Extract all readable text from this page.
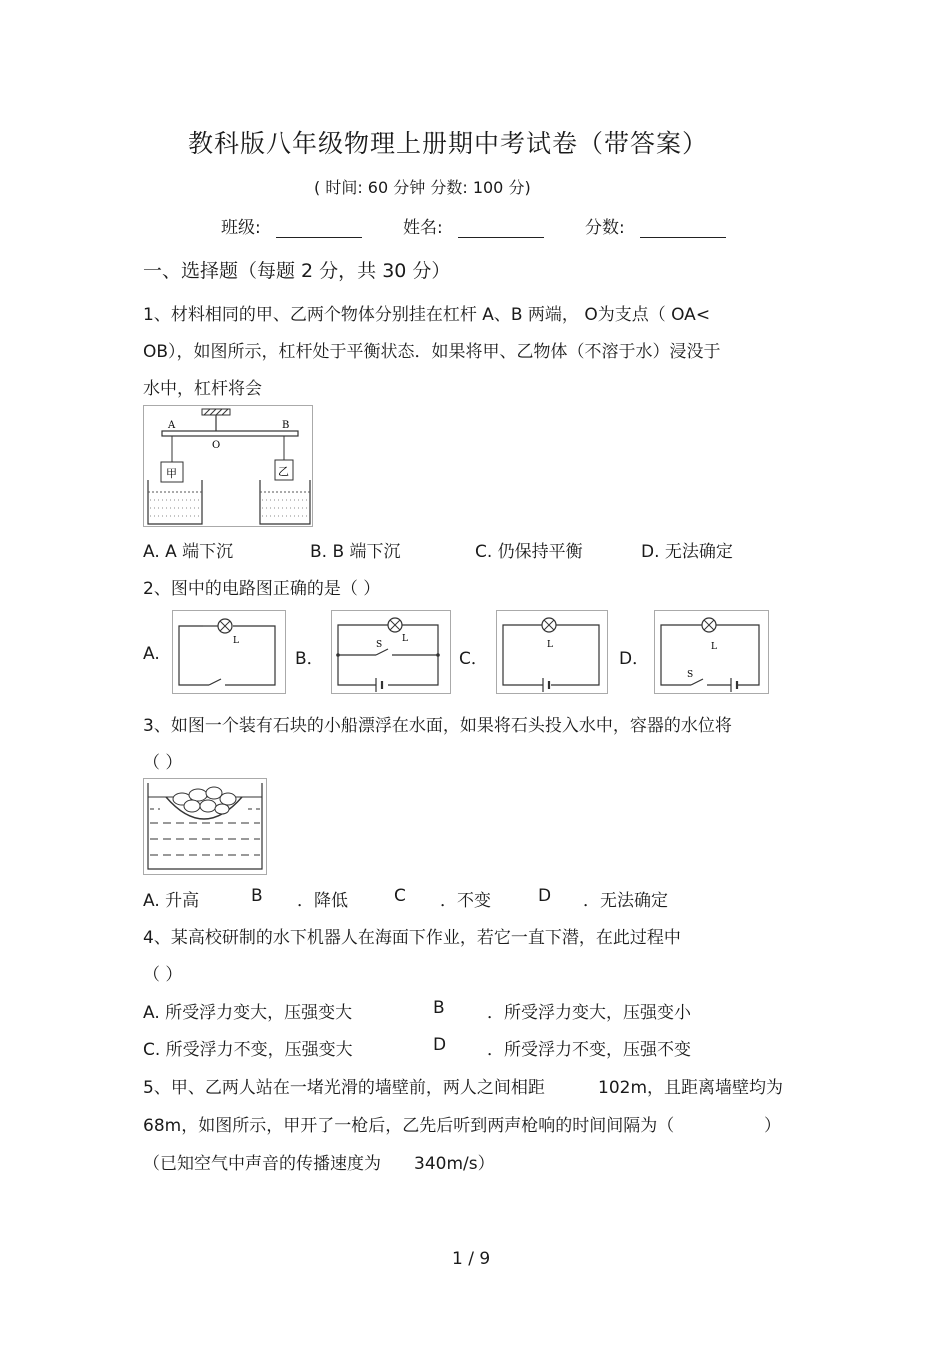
教科版八年级物理上册期中考试卷（带答案）
( 时间: 60 分钟 分数: 100 分)
班级:	姓名:	分数:
一、选择题（每题 2 分，共 30 分）
1、材料相同的甲、乙两个物体分别挂在杠杆 A、B 两端， O为支点（ OA<
OB），如图所示，杠杆处于平衡状态．如果将甲、乙物体（不溶于水）浸没于
水中，杠杆将会
A	B
O
甲	乙
A. A 端下沉	B. B 端下沉	C. 仍保持平衡	D. 无法确定
2、图中的电路图正确的是（ ）
A.
L
B．
S
L
C．
L
D．
L
S
3、如图一个装有石块的小船漂浮在水面，如果将石头投入水中，容器的水位将
（ ）
A. 升高	B ．降低	C ．不变	D ．无法确定
4、某高校研制的水下机器人在海面下作业，若它一直下潜，在此过程中
（ ）
A. 所受浮力变大，压强变大	B ．所受浮力变大，压强变小
C. 所受浮力不变，压强变大	D ．所受浮力不变，压强不变
5、甲、乙两人站在一堵光滑的墙壁前，两人之间相距	102m，且距离墙壁均为
68m，如图所示，甲开了一枪后，乙先后听到两声枪响的时间间隔为（	）
（已知空气中声音的传播速度为 340m/s）
1 / 9
